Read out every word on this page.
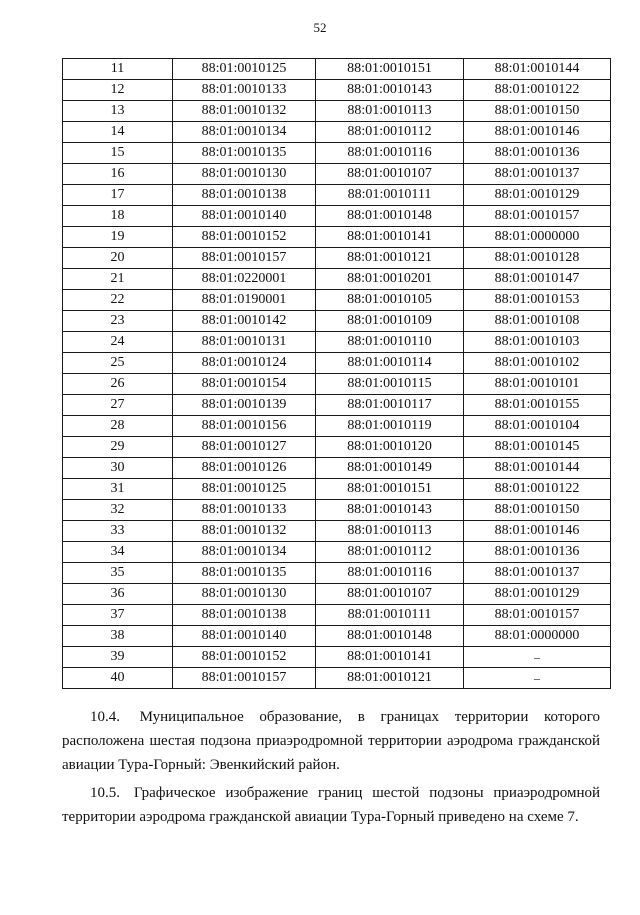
52
11	88:01:0010125	88:01:0010151	88:01:0010144
12	88:01:0010133	88:01:0010143	88:01:0010122
13	88:01:0010132	88:01:0010113	88:01:0010150
14	88:01:0010134	88:01:0010112	88:01:0010146
15	88:01:0010135	88:01:0010116	88:01:0010136
16	88:01:0010130	88:01:0010107	88:01:0010137
17	88:01:0010138	88:01:0010111	88:01:0010129
18	88:01:0010140	88:01:0010148	88:01:0010157
19	88:01:0010152	88:01:0010141	88:01:0000000
20	88:01:0010157	88:01:0010121	88:01:0010128
21	88:01:0220001	88:01:0010201	88:01:0010147
22	88:01:0190001	88:01:0010105	88:01:0010153
23	88:01:0010142	88:01:0010109	88:01:0010108
24	88:01:0010131	88:01:0010110	88:01:0010103
25	88:01:0010124	88:01:0010114	88:01:0010102
26	88:01:0010154	88:01:0010115	88:01:0010101
27	88:01:0010139	88:01:0010117	88:01:0010155
28	88:01:0010156	88:01:0010119	88:01:0010104
29	88:01:0010127	88:01:0010120	88:01:0010145
30	88:01:0010126	88:01:0010149	88:01:0010144
31	88:01:0010125	88:01:0010151	88:01:0010122
32	88:01:0010133	88:01:0010143	88:01:0010150
33	88:01:0010132	88:01:0010113	88:01:0010146
34	88:01:0010134	88:01:0010112	88:01:0010136
35	88:01:0010135	88:01:0010116	88:01:0010137
36	88:01:0010130	88:01:0010107	88:01:0010129
37	88:01:0010138	88:01:0010111	88:01:0010157
38	88:01:0010140	88:01:0010148	88:01:0000000
39	88:01:0010152	88:01:0010141	–
40	88:01:0010157	88:01:0010121	–

10.4. Муниципальное образование, в границах территории которого расположена шестая подзона приаэродромной территории аэродрома гражданской авиации Тура-Горный: Эвенкийский район.

10.5. Графическое изображение границ шестой подзоны приаэродромной территории аэродрома гражданской авиации Тура-Горный приведено на схеме 7.
